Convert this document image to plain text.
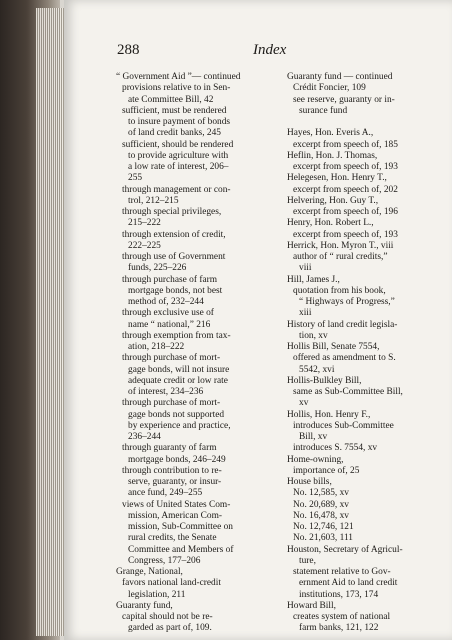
288	Index
“ Government Aid ”— continued
provisions relative to in Sen-
ate Committee Bill, 42
sufficient, must be rendered
to insure payment of bonds
of land credit banks, 245
sufficient, should be rendered
to provide agriculture with
a low rate of interest, 206–
255
through management or con-
trol, 212–215
through special privileges,
215–222
through extension of credit,
222–225
through use of Government
funds, 225–226
through purchase of farm
mortgage bonds, not best
method of, 232–244
through exclusive use of
name “ national,” 216
through exemption from tax-
ation, 218–222
through purchase of mort-
gage bonds, will not insure
adequate credit or low rate
of interest, 234–236
through purchase of mort-
gage bonds not supported
by experience and practice,
236–244
through guaranty of farm
mortgage bonds, 246–249
through contribution to re-
serve, guaranty, or insur-
ance fund, 249–255
views of United States Com-
mission, American Com-
mission, Sub-Committee on
rural credits, the Senate
Committee and Members of
Congress, 177–206
Grange, National,
favors national land-credit
legislation, 211
Guaranty fund,
capital should not be re-
garded as part of, 109.
Guaranty fund — continued
Crédit Foncier, 109
see reserve, guaranty or in-
surance fund

Hayes, Hon. Everis A.,
excerpt from speech of, 185
Heflin, Hon. J. Thomas,
excerpt from speech of, 193
Helegesen, Hon. Henry T.,
excerpt from speech of, 202
Helvering, Hon. Guy T.,
excerpt from speech of, 196
Henry, Hon. Robert L.,
excerpt from speech of, 193
Herrick, Hon. Myron T., viii
author of “ rural credits,”
viii
Hill, James J.,
quotation from his book,
“ Highways of Progress,”
xiii
History of land credit legisla-
tion, xv
Hollis Bill, Senate 7554,
offered as amendment to S.
5542, xvi
Hollis-Bulkley Bill,
same as Sub-Committee Bill,
xv
Hollis, Hon. Henry F.,
introduces Sub-Committee
Bill, xv
introduces S. 7554, xv
Home-owning,
importance of, 25
House bills,
No. 12,585, xv
No. 20,689, xv
No. 16,478, xv
No. 12,746, 121
No. 21,603, 111
Houston, Secretary of Agricul-
ture,
statement relative to Gov-
ernment Aid to land credit
institutions, 173, 174
Howard Bill,
creates system of national
farm banks, 121, 122
